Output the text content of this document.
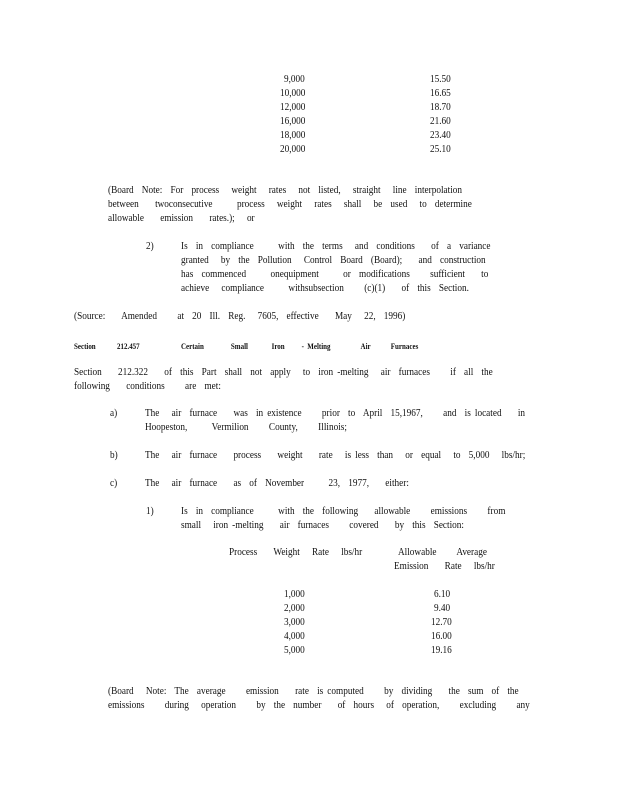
9,000	15.50
10,000	16.65
12,000	18.70
16,000	21.60
18,000	23.40
20,000	25.10
(Board  Note:  For  process   weight   rates   not  listed,   straight   line  interpolation
between    twoconsecutive      process   weight   rates   shall   be  used   to  determine
allowable    emission    rates.);   or
2)	Is  in  compliance      with  the  terms   and  conditions    of  a  variance
granted   by  the  Pollution   Control  Board  (Board);    and  construction
has  commenced      onequipment      or  modifications     sufficient    to
achieve   compliance      withsubsection     (c)(1)    of  this  Section.
(Source:    Amended     at  20  Ill.  Reg.   7605,  effective    May   22,  1996)
Section	212.457	Certain        Small       Iron     - Melting         Air      Furnaces
Section    212.322    of  this  Part  shall  not  apply   to  iron -melting   air  furnaces     if  all  the
following    conditions     are  met:
a)	The   air  furnace    was  in existence     prior  to  April  15,1967,     and  is located    in
Hoopeston,      Vermilion     County,     Illinois;
b)	The   air  furnace    process    weight    rate   is less  than   or  equal   to  5,000   lbs/hr;
c)	The   air  furnace    as  of  November      23,  1977,    either:
1)	Is  in  compliance      with  the  following    allowable     emissions     from
small   iron -melting    air  furnaces     covered    by  this  Section:
Process    Weight   Rate   lbs/hr	Allowable     Average
Emission    Rate   lbs/hr
1,000	6.10
2,000	9.40
3,000	12.70
4,000	16.00
5,000	19.16
(Board   Note:  The  average     emission    rate  is computed     by  dividing    the  sum  of  the
emissions     during   operation     by  the  number    of  hours   of  operation,     excluding     any
